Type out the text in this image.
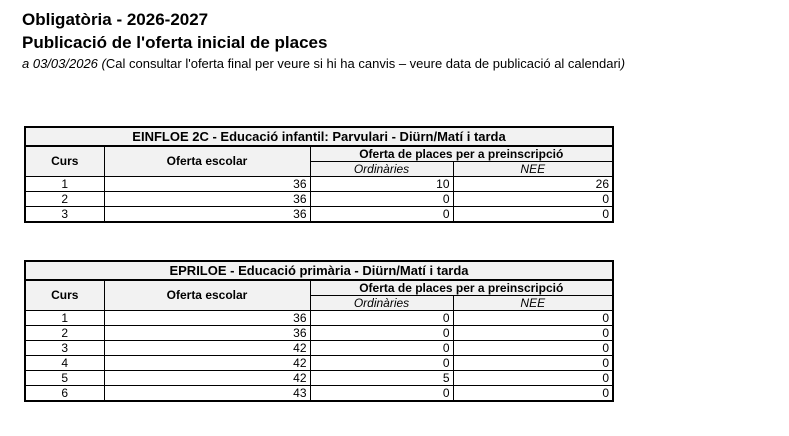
Obligatòria - 2026-2027
Publicació de l'oferta inicial de places
a 03/03/2026 (Cal consultar l'oferta final per veure si hi ha canvis – veure data de publicació al calendari)
EINFLOE 2C - Educació infantil: Parvulari - Diürn/Matí i tarda			
Curs	Oferta escolar	Oferta de places per a preinscripció	
		Ordinàries	NEE
1	36	10	26
2	36	0	0
3	36	0	0
EPRILOE - Educació primària - Diürn/Matí i tarda			
Curs	Oferta escolar	Oferta de places per a preinscripció	
		Ordinàries	NEE
1	36	0	0
2	36	0	0
3	42	0	0
4	42	0	0
5	42	5	0
6	43	0	0
